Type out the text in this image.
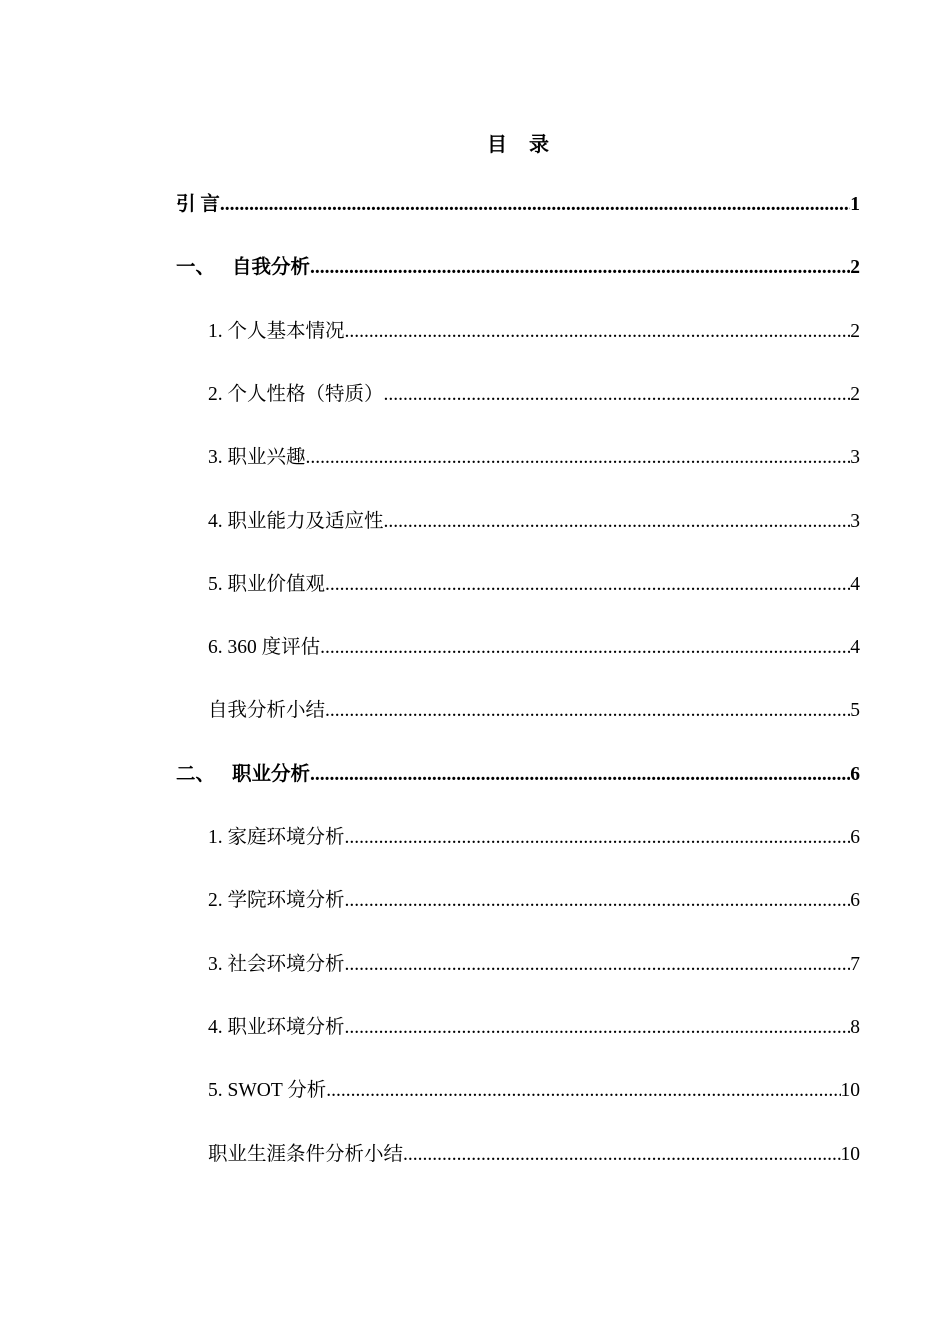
目 录
引 言 .....	1
一、 自我分析 .....	2
1. 个人基本情况 .....	2
2. 个人性格（特质） .....	2
3. 职业兴趣 .....	3
4. 职业能力及适应性 .....	3
5. 职业价值观 .....	4
6. 360 度评估 .....	4
自我分析小结 .....	5
二、 职业分析 .....	6
1. 家庭环境分析 .....	6
2. 学院环境分析 .....	6
3. 社会环境分析 .....	7
4. 职业环境分析 .....	8
5. SWOT 分析 .....	10
职业生涯条件分析小结 .....	10
